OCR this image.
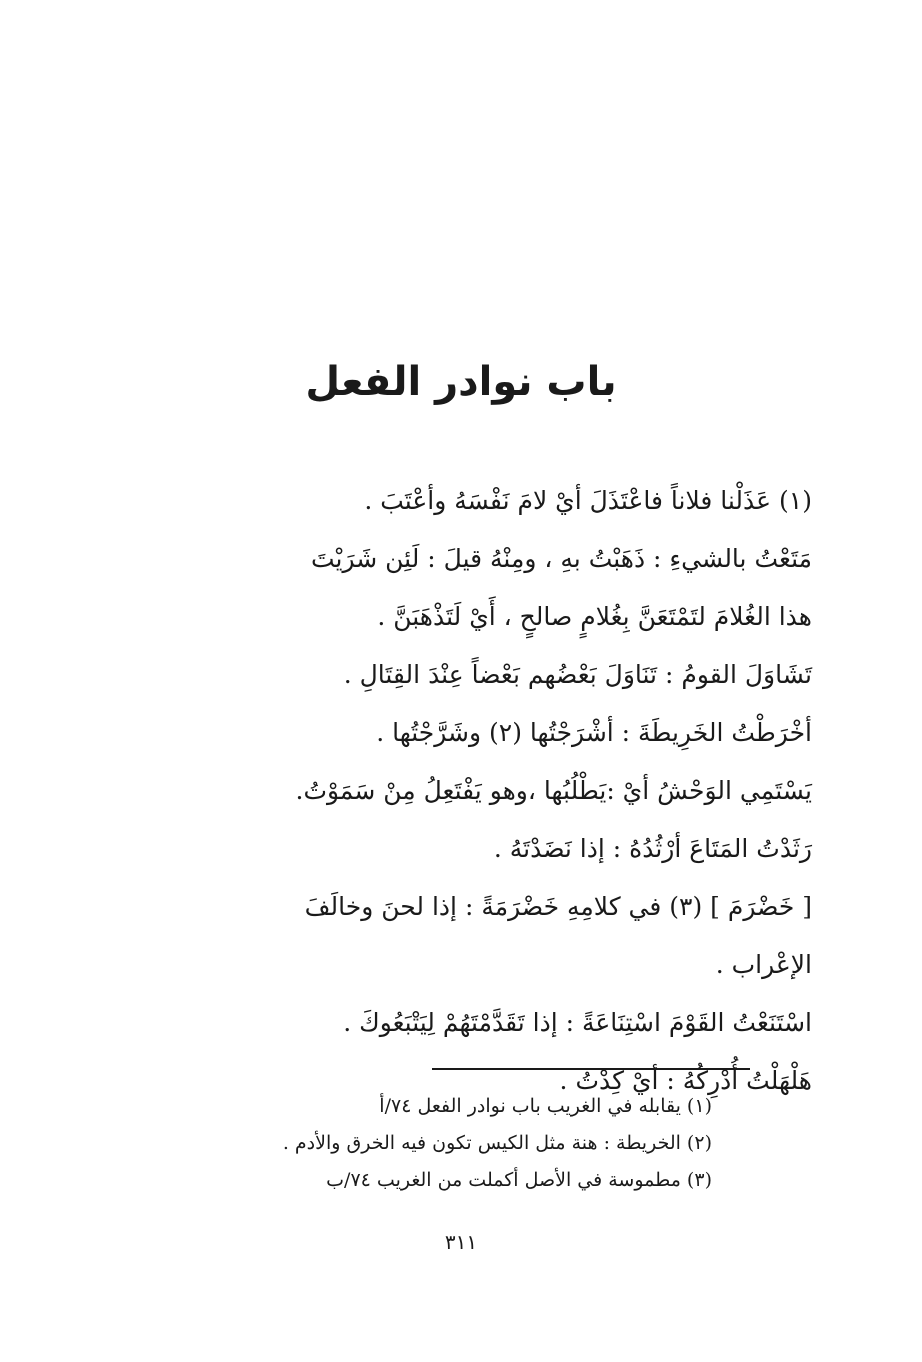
باب نوادر الفعل
(١) عَذَلْنا فلاناً فاعْتَذَلَ أيْ لامَ نَفْسَهُ وأعْتَبَ .
مَتَعْتُ بالشيءِ : ذَهَبْتُ بهِ ، ومِنْهُ قيلَ : لَئِن شَرَيْتَ
هذا الغُلامَ لتَمْتَعَنَّ بِغُلامٍ صالحٍ ، أَيْ لَتَذْهَبَنَّ .
تَشَاوَلَ القومُ : تَنَاوَلَ بَعْضُهم بَعْضاً عِنْدَ القِتَالِ .
أخْرَطْتُ الخَرِيطَةَ : أشْرَجْتُها (٢) وشَرَّجْتُها .
يَسْتَمِي الوَحْشُ أيْ :يَطْلُبُها ،وهو يَفْتَعِلُ مِنْ سَمَوْتُ.
رَثَدْتُ المَتَاعَ أرْثُدُهُ : إذا نَضَدْتَهُ .
[ خَضْرَمَ ] (٣) في كلامِهِ خَضْرَمَةً : إذا لحنَ وخالَفَ
الإعْراب .
اسْتَنَعْتُ القَوْمَ اسْتِنَاعَةً : إذا تَقَدَّمْتَهُمْ لِيَتْبَعُوكَ .
هَلْهَلْتُ أُدْرِكُهُ : أيْ كِدْتُ .
(١) يقابله في الغريب باب نوادر الفعل ٧٤/أ
(٢) الخريطة : هنة مثل الكيس تكون فيه الخرق والأدم .
(٣) مطموسة في الأصل أكملت من الغريب ٧٤/ب
٣١١
